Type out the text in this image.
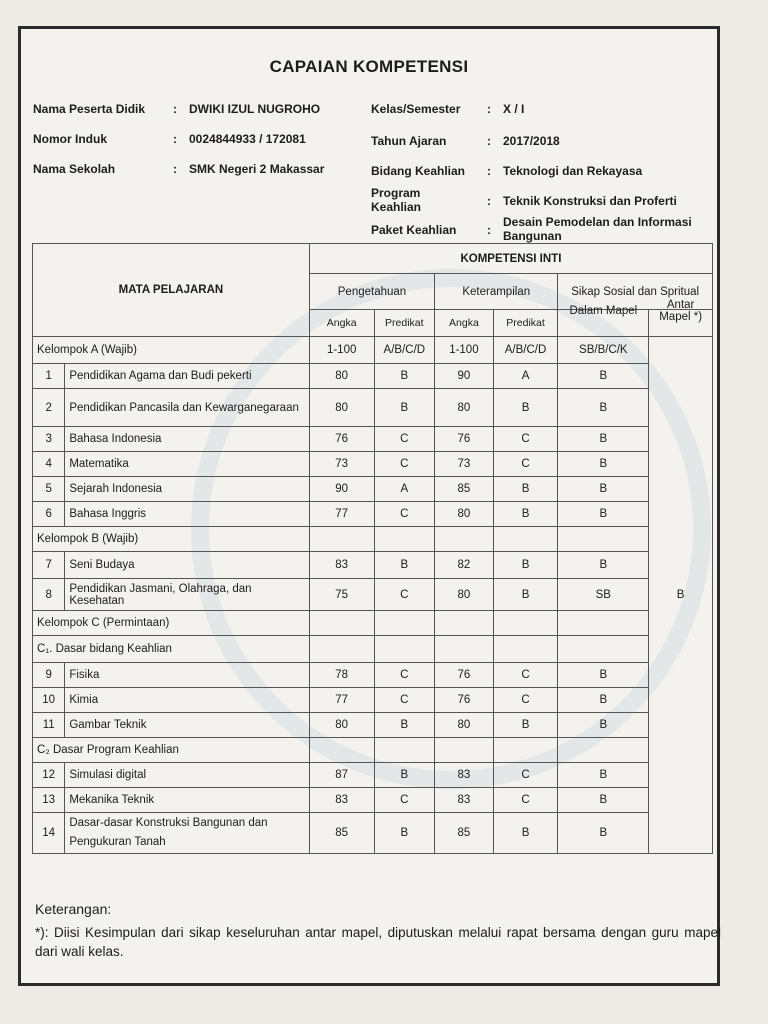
CAPAIAN KOMPETENSI
Nama Peserta Didik : DWIKI IZUL NUGROHO
Nomor Induk	: 0024844933 / 172081
Nama Sekolah	: SMK Negeri 2 Makassar
Kelas/Semester : X / I
Tahun Ajaran	: 2017/2018
Bidang Keahlian : Teknologi dan Rekayasa
Program Keahlian	: Teknik Konstruksi dan Proferti
Paket Keahlian	:
Desain Pemodelan dan Informasi Bangunan
MATA PELAJARAN		KOMPETENSI INTI					
		Pengetahuan		Keterampilan		Sikap Sosial dan Spritual	
		Angka	Predikat	Angka	Predikat	Dalam Mapel	Antar Mapel *)
Kelompok A (Wajib)		1-100	A/B/C/D	1-100	A/B/C/D	SB/B/C/K	B
1	Pendidikan Agama dan Budi pekerti	80	B	90	A	B	
2	Pendidikan Pancasila dan Kewarganegaraan	80	B	80	B	B	
3	Bahasa Indonesia	76	C	76	C	B	
4	Matematika	73	C	73	C	B	
5	Sejarah Indonesia	90	A	85	B	B	
6	Bahasa Inggris	77	C	80	B	B	
Kelompok B (Wajib)							
7	Seni Budaya	83	B	82	B	B	
8	Pendidikan Jasmani, Olahraga, dan Kesehatan	75	C	80	B	SB	
Kelompok C (Permintaan)							
C₁. Dasar bidang Keahlian							
9	Fisika	78	C	76	C	B	
10	Kimia	77	C	76	C	B	
11	Gambar Teknik	80	B	80	B	B	
C₂ Dasar Program Keahlian							
12	Simulasi digital	87	B	83	C	B	
13	Mekanika Teknik	83	C	83	C	B	
14	Dasar-dasar Konstruksi Bangunan dan Pengukuran Tanah	85	B	85	B	B	
Keterangan:
*): Diisi Kesimpulan dari sikap keseluruhan antar mapel, diputuskan melalui rapat bersama dengan guru mapel dari wali kelas.
